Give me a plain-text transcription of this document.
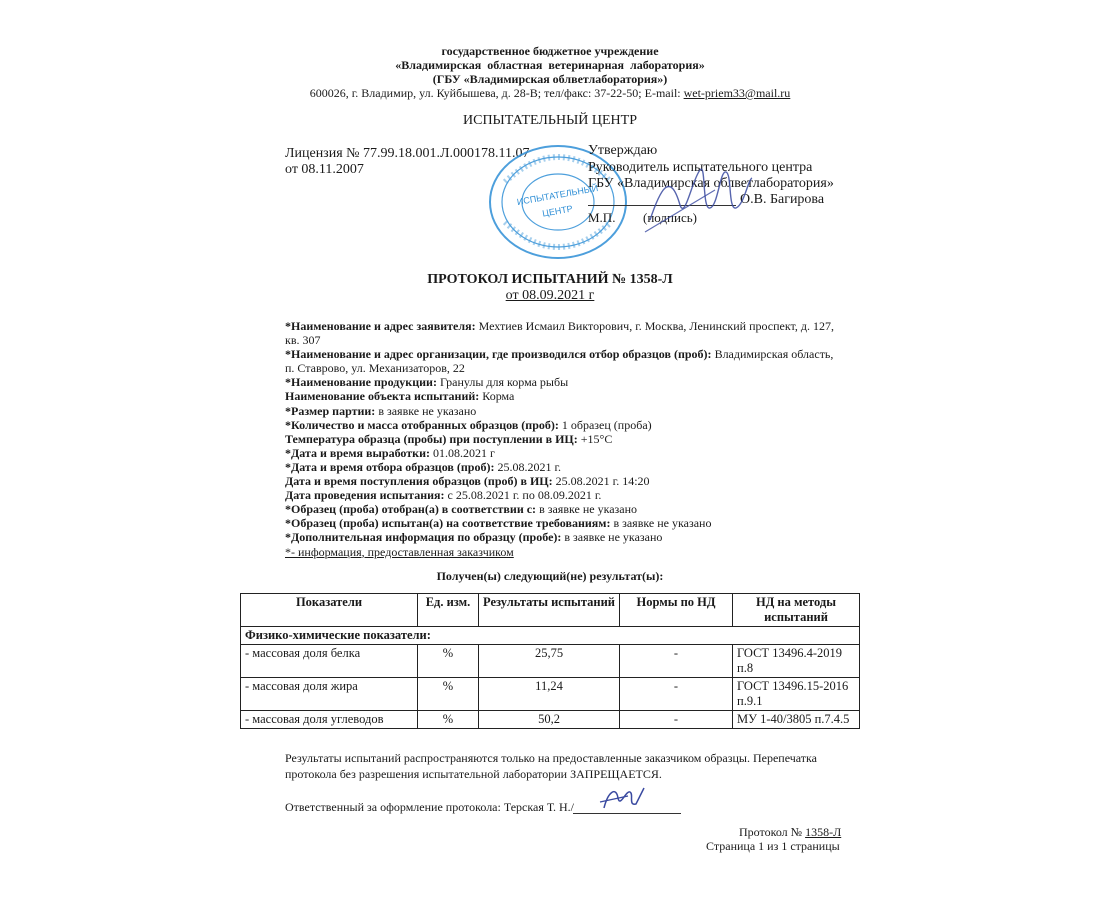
государственное бюджетное учреждение
«Владимирская областная ветеринарная лаборатория»
(ГБУ «Владимирская облветлаборатория»)
600026, г. Владимир, ул. Куйбышева, д. 28-В; тел/факс: 37-22-50; E-mail: wet-priem33@mail.ru
ИСПЫТАТЕЛЬНЫЙ ЦЕНТР
Лицензия № 77.99.18.001.Л.000178.11.07
от 08.11.2007
ИСПЫТАТЕЛЬНЫЙ
ЦЕНТР
Утверждаю
Руководитель испытательного центра
ГБУ «Владимирская облветлаборатория»
О.В. Багирова
М.П. (подпись)
ПРОТОКОЛ ИСПЫТАНИЙ № 1358-Л
от 08.09.2021 г
*Наименование и адрес заявителя: Мехтиев Исмаил Викторович, г. Москва, Ленинский проспект, д. 127, кв. 307
*Наименование и адрес организации, где производился отбор образцов (проб): Владимирская область, п. Ставрово, ул. Механизаторов, 22
*Наименование продукции: Гранулы для корма рыбы
Наименование объекта испытаний: Корма
*Размер партии: в заявке не указано
*Количество и масса отобранных образцов (проб): 1 образец (проба)
Температура образца (пробы) при поступлении в ИЦ: +15°С
*Дата и время выработки: 01.08.2021 г
*Дата и время отбора образцов (проб): 25.08.2021 г.
Дата и время поступления образцов (проб) в ИЦ: 25.08.2021 г. 14:20
Дата проведения испытания: с 25.08.2021 г. по 08.09.2021 г.
*Образец (проба) отобран(а) в соответствии с: в заявке не указано
*Образец (проба) испытан(а) на соответствие требованиям: в заявке не указано
*Дополнительная информация по образцу (пробе): в заявке не указано
*- информация, предоставленная заказчиком
Получен(ы) следующий(не) результат(ы):
Показатели	Ед. изм.	Результаты испытаний	Нормы по НД	НД на методы испытаний
Физико-химические показатели:				
- массовая доля белка	%	25,75	-	ГОСТ 13496.4-2019 п.8
- массовая доля жира	%	11,24	-	ГОСТ 13496.15-2016 п.9.1
- массовая доля углеводов	%	50,2	-	МУ 1-40/3805 п.7.4.5
Результаты испытаний распространяются только на предоставленные заказчиком образцы. Перепечатка
протокола без разрешения испытательной лаборатории ЗАПРЕЩАЕТСЯ.
Ответственный за оформление протокола: Терская Т. Н./
Протокол № 1358-Л
Страница 1 из 1 страницы
